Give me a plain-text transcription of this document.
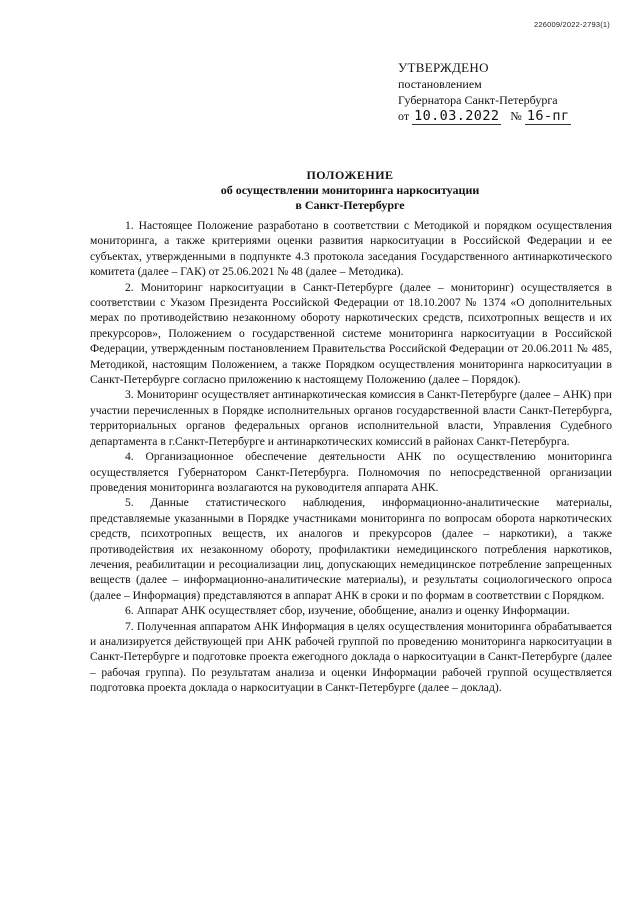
226009/2022-2793(1)
УТВЕРЖДЕНО
постановлением
Губернатора Санкт-Петербурга
от 10.03.2022 № 16-пг
ПОЛОЖЕНИЕ
об осуществлении мониторинга наркоситуации
в Санкт-Петербурге

1. Настоящее Положение разработано в соответствии с Методикой и порядком осуществления мониторинга, а также критериями оценки развития наркоситуации в Российской Федерации и ее субъектах, утвержденными в подпункте 4.3 протокола заседания Государственного антинаркотического комитета (далее – ГАК) от 25.06.2021 № 48 (далее – Методика).

2. Мониторинг наркоситуации в Санкт-Петербурге (далее – мониторинг) осуществляется в соответствии с Указом Президента Российской Федерации от 18.10.2007 № 1374 «О дополнительных мерах по противодействию незаконному обороту наркотических средств, психотропных веществ и их прекурсоров», Положением о государственной системе мониторинга наркоситуации в Российской Федерации, утвержденным постановлением Правительства Российской Федерации от 20.06.2011 № 485, Методикой, настоящим Положением, а также Порядком осуществления мониторинга наркоситуации в Санкт-Петербурге согласно приложению к настоящему Положению (далее – Порядок).

3. Мониторинг осуществляет антинаркотическая комиссия в Санкт-Петербурге (далее – АНК) при участии перечисленных в Порядке исполнительных органов государственной власти Санкт-Петербурга, территориальных органов федеральных органов исполнительной власти, Управления Судебного департамента в г.Санкт-Петербурге и антинаркотических комиссий в районах Санкт-Петербурга.

4. Организационное обеспечение деятельности АНК по осуществлению мониторинга осуществляется Губернатором Санкт-Петербурга. Полномочия по непосредственной организации проведения мониторинга возлагаются на руководителя аппарата АНК.

5. Данные статистического наблюдения, информационно-аналитические материалы, представляемые указанными в Порядке участниками мониторинга по вопросам оборота наркотических средств, психотропных веществ, их аналогов и прекурсоров (далее – наркотики), а также противодействия их незаконному обороту, профилактики немедицинского потребления наркотиков, лечения, реабилитации и ресоциализации лиц, допускающих немедицинское потребление запрещенных веществ (далее – информационно-аналитические материалы), и результаты социологического опроса (далее – Информация) представляются в аппарат АНК в сроки и по формам в соответствии с Порядком.

6. Аппарат АНК осуществляет сбор, изучение, обобщение, анализ и оценку Информации.

7. Полученная аппаратом АНК Информация в целях осуществления мониторинга обрабатывается и анализируется действующей при АНК рабочей группой по проведению мониторинга наркоситуации в Санкт-Петербурге и подготовке проекта ежегодного доклада о наркоситуации в Санкт-Петербурге (далее – рабочая группа). По результатам анализа и оценки Информации рабочей группой осуществляется подготовка проекта доклада о наркоситуации в Санкт-Петербурге (далее – доклад).
